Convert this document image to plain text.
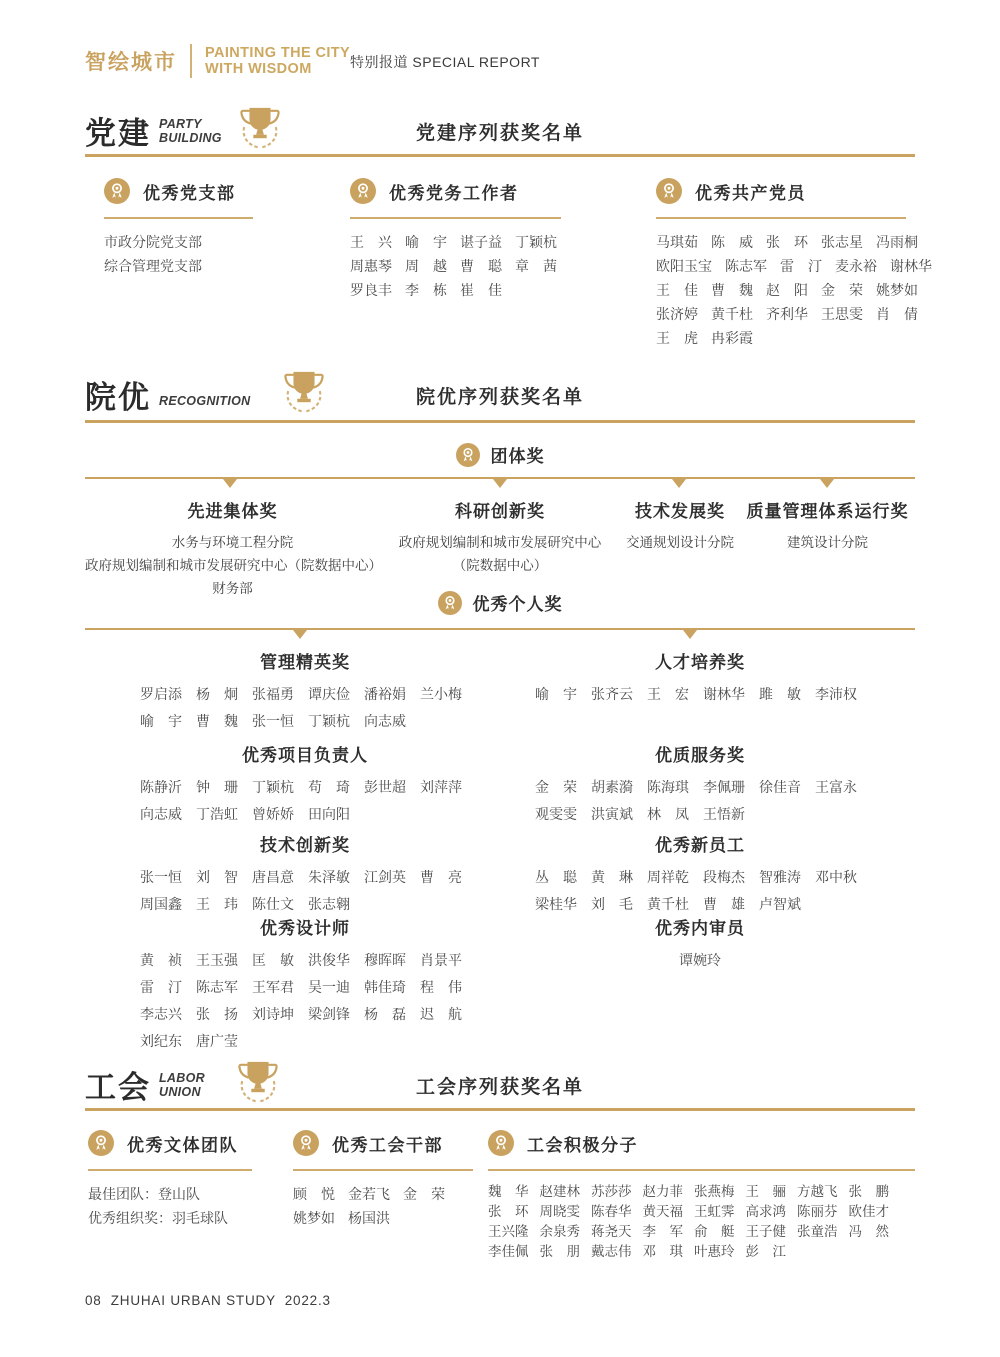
智绘城市 PAINTING THE CITY
WITH WISDOM	特别报道 SPECIAL REPORT
党建 PARTY
BUILDING	党建序列获奖名单
优秀党支部
市政分院党支部
综合管理党支部
优秀党务工作者
王　兴 喻　宇 谌子益 丁颖杭
周惠琴 周　越 曹　聪 章　茜
罗良丰 李　栋 崔　佳
优秀共产党员
马琪茹 陈　威 张　环 张志星 冯雨桐
欧阳玉宝 陈志军 雷　汀 麦永裕 谢林华
王　佳 曹　魏 赵　阳 金　荣 姚梦如
张济婷 黄千杜 齐利华 王思雯 肖　倩
王　虎 冉彩霞
院优 RECOGNITION	院优序列获奖名单
团体奖
先进集体奖
水务与环境工程分院
政府规划编制和城市发展研究中心（院数据中心）
财务部
科研创新奖
政府规划编制和城市发展研究中心
（院数据中心）
技术发展奖
交通规划设计分院
质量管理体系运行奖
建筑设计分院
优秀个人奖
管理精英奖
罗启添 杨　炯 张福勇 谭庆俭 潘裕娟 兰小梅
喻　宇 曹　魏 张一恒 丁颖杭 向志威
人才培养奖
喻　宇 张齐云 王　宏 谢林华 雎　敏 李沛权
优秀项目负责人
陈静沂 钟　珊 丁颖杭 苟　琦 彭世超 刘萍萍
向志威 丁浩虹 曾娇娇 田向阳
优质服务奖
金　荣 胡素漪 陈海琪 李佩珊 徐佳音 王富永
观雯雯 洪寅斌 林　凤 王悟新
技术创新奖
张一恒 刘　智 唐昌意 朱泽敏 江剑英 曹　亮
周国鑫 王　玮 陈仕文 张志翱
优秀新员工
丛　聪 黄　琳 周祥乾 段梅杰 智雅涛 邓中秋
梁桂华 刘　毛 黄千杜 曹　雄 卢智斌
优秀设计师
黄　祯 王玉强 匡　敏 洪俊华 穆晖晖 肖景平
雷　汀 陈志军 王军君 吴一迪 韩佳琦 程　伟
李志兴 张　扬 刘诗坤 梁剑锋 杨　磊 迟　航
刘纪东 唐广莹
优秀内审员
谭婉玲
工会 LABOR
UNION	工会序列获奖名单
优秀文体团队
最佳团队：登山队
优秀组织奖：羽毛球队
优秀工会干部
顾　悦 金若飞 金　荣
姚梦如 杨国洪
工会积极分子
魏　华 赵建林 苏莎莎 赵力菲 张燕梅 王　骊 方越飞 张　鹏
张　环 周晓雯 陈春华 黄天福 王虹霁 高求鸿 陈丽芬 欧佳才
王兴隆 余泉秀 蒋尧天 李　军 俞　艇 王子健 张童浩 冯　然
李佳佩 张　朋 戴志伟 邓　琪 叶惠玲 彭　江
08  ZHUHAI URBAN STUDY  2022.3
